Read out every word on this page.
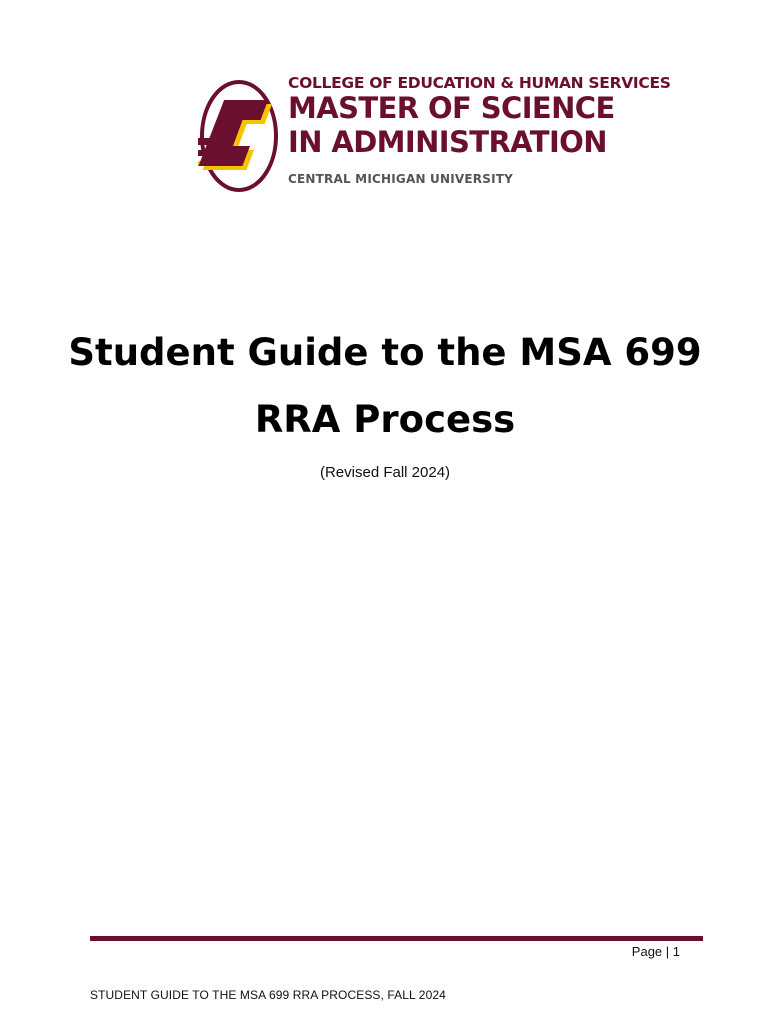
COLLEGE OF EDUCATION & HUMAN SERVICES
MASTER OF SCIENCE
IN ADMINISTRATION
CENTRAL MICHIGAN UNIVERSITY
Student Guide to the MSA 699
RRA Process
(Revised Fall 2024)
Page | 1
STUDENT GUIDE TO THE MSA 699 RRA PROCESS, FALL 2024
